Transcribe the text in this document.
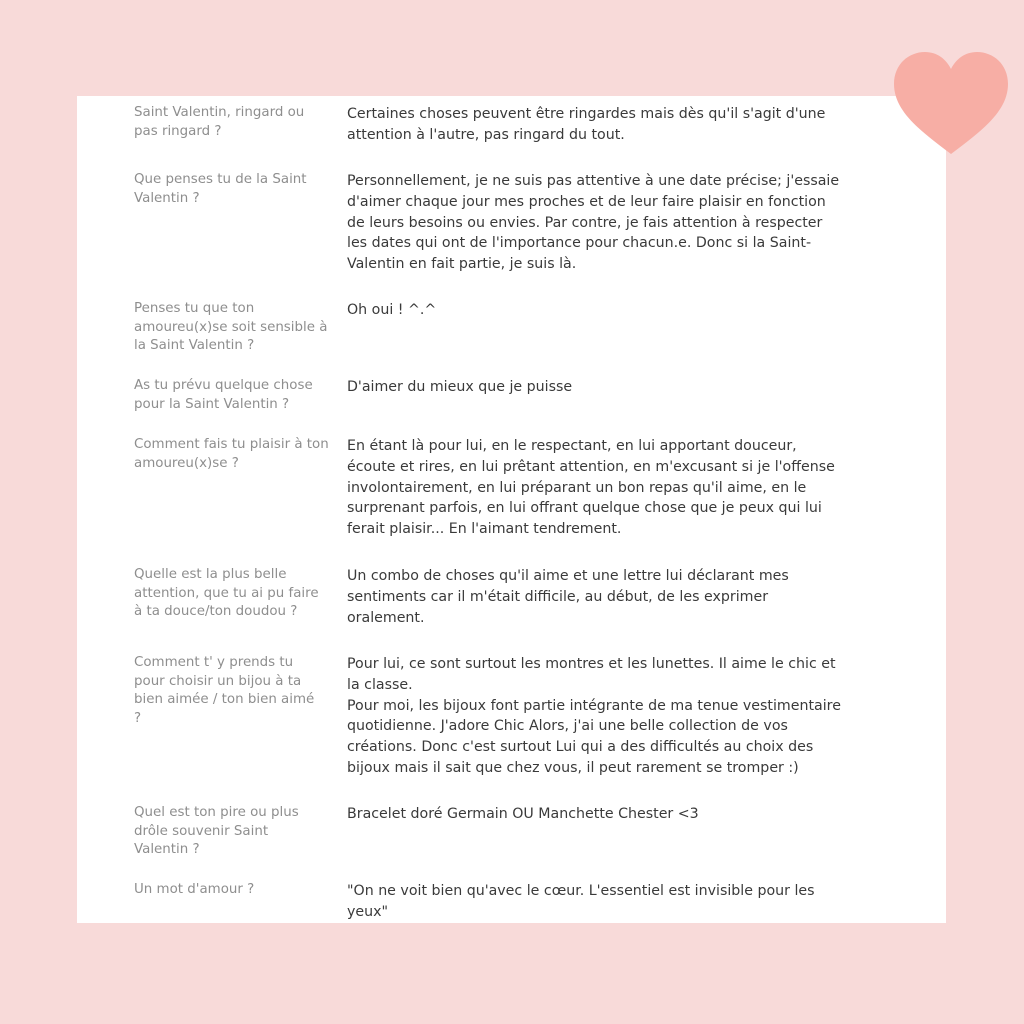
Saint Valentin, ringard ou
pas ringard ?
Certaines choses peuvent être ringardes mais dès qu'il s'agit d'une
attention à l'autre, pas ringard du tout.
Que penses tu de la Saint
Valentin ?
Personnellement, je ne suis pas attentive à une date précise; j'essaie
d'aimer chaque jour mes proches et de leur faire plaisir en fonction
de leurs besoins ou envies. Par contre, je fais attention à respecter
les dates qui ont de l'importance pour chacun.e. Donc si la Saint-
Valentin en fait partie, je suis là.
Penses tu que ton
amoureu(x)se soit sensible à
la Saint Valentin ?
Oh oui ! ^.^
As tu prévu quelque chose
pour la Saint Valentin ?
D'aimer du mieux que je puisse
Comment fais tu plaisir à ton
amoureu(x)se ?
En étant là pour lui, en le respectant, en lui apportant douceur,
écoute et rires, en lui prêtant attention, en m'excusant si je l'offense
involontairement, en lui préparant un bon repas qu'il aime, en le
surprenant parfois, en lui offrant quelque chose que je peux qui lui
ferait plaisir... En l'aimant tendrement.
Quelle est la plus belle
attention, que tu ai pu faire
à ta douce/ton doudou ?
Un combo de choses qu'il aime et une lettre lui déclarant mes
sentiments car il m'était difficile, au début, de les exprimer
oralement.
Comment t' y prends tu
pour choisir un bijou à ta
bien aimée / ton bien aimé
?
Pour lui, ce sont surtout les montres et les lunettes. Il aime le chic et
la classe.
Pour moi, les bijoux font partie intégrante de ma tenue vestimentaire
quotidienne. J'adore Chic Alors, j'ai une belle collection de vos
créations. Donc c'est surtout Lui qui a des difficultés au choix des
bijoux mais il sait que chez vous, il peut rarement se tromper :)
Quel est ton pire ou plus
drôle souvenir Saint
Valentin ?
Bracelet doré Germain OU Manchette Chester <3
Un mot d'amour ?	"On ne voit bien qu'avec le cœur. L'essentiel est invisible pour les
yeux"
